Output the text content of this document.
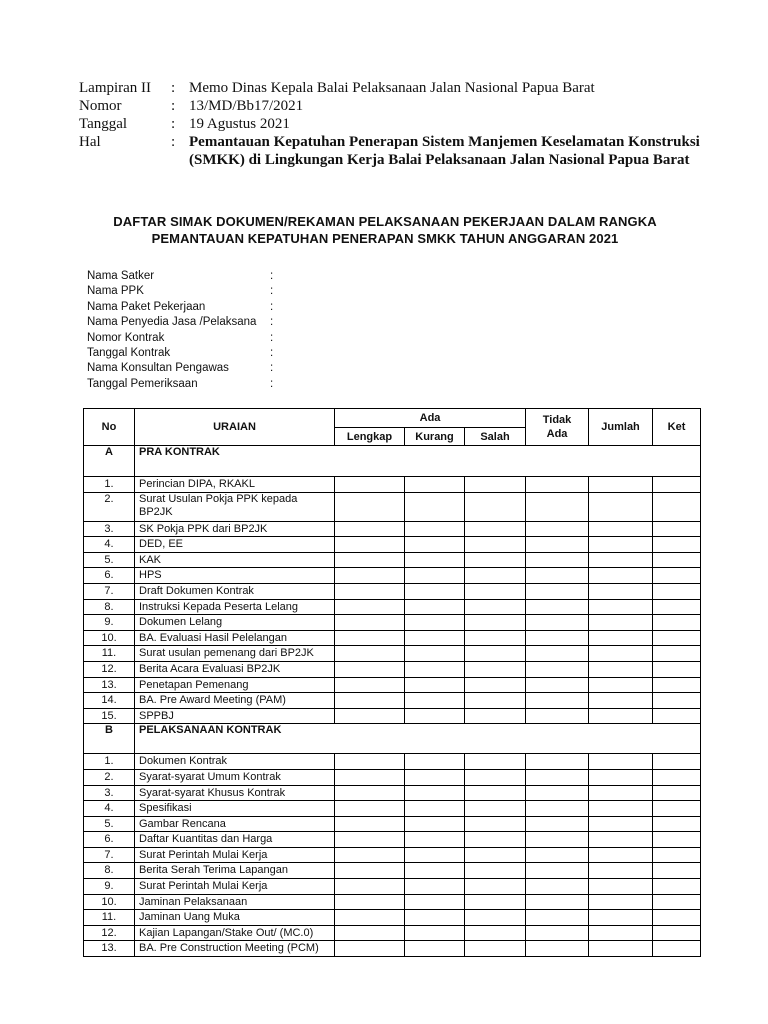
Lampiran II	: Memo Dinas Kepala Balai Pelaksanaan Jalan Nasional Papua Barat
Nomor	: 13/MD/Bb17/2021
Tanggal	: 19 Agustus 2021
Hal	: Pemantauan Kepatuhan Penerapan Sistem Manjemen Keselamatan Konstruksi (SMKK) di Lingkungan Kerja Balai Pelaksanaan Jalan Nasional Papua Barat
DAFTAR SIMAK DOKUMEN/REKAMAN PELAKSANAAN PEKERJAAN DALAM RANGKA
PEMANTAUAN KEPATUHAN PENERAPAN SMKK TAHUN ANGGARAN 2021
Nama Satker	:
Nama PPK	:
Nama Paket Pekerjaan	:
Nama Penyedia Jasa /Pelaksana	:
Nomor Kontrak	:
Tanggal Kontrak	:
Nama Konsultan Pengawas	:
Tanggal Pemeriksaan	:
No	URAIAN	Ada			Tidak Ada	Jumlah	Ket
		Lengkap	Kurang	Salah			
A	PRA KONTRAK						
1.	Perincian DIPA, RKAKL						
2.	Surat Usulan Pokja PPK kepada BP2JK						
3.	SK Pokja PPK dari BP2JK						
4.	DED, EE						
5.	KAK						
6.	HPS						
7.	Draft Dokumen Kontrak						
8.	Instruksi Kepada Peserta Lelang						
9.	Dokumen Lelang						
10.	BA. Evaluasi Hasil Pelelangan						
11.	Surat usulan pemenang dari BP2JK						
12.	Berita Acara Evaluasi BP2JK						
13.	Penetapan Pemenang						
14.	BA. Pre Award Meeting (PAM)						
15.	SPPBJ						
B	PELAKSANAAN KONTRAK						
1.	Dokumen Kontrak						
2.	Syarat-syarat Umum Kontrak						
3.	Syarat-syarat Khusus Kontrak						
4.	Spesifikasi						
5.	Gambar Rencana						
6.	Daftar Kuantitas dan Harga						
7.	Surat Perintah Mulai Kerja						
8.	Berita Serah Terima Lapangan						
9.	Surat Perintah Mulai Kerja						
10.	Jaminan Pelaksanaan						
11.	Jaminan Uang Muka						
12.	Kajian Lapangan/Stake Out/ (MC.0)						
13.	BA. Pre Construction Meeting (PCM)						
